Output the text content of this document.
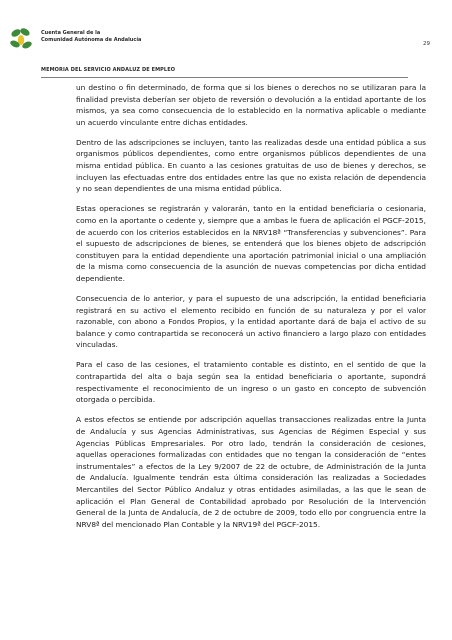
Cuenta General de la
Comunidad Autónoma de Andalucía
29
MEMORIA DEL SERVICIO ANDALUZ DE EMPLEO

un destino o fin determinado, de forma que si los bienes o derechos no se utilizaran para la finalidad prevista deberían ser objeto de reversión o devolución a la entidad aportante de los mismos, ya sea como consecuencia de lo establecido en la normativa aplicable o mediante un acuerdo vinculante entre dichas entidades.

Dentro de las adscripciones se incluyen, tanto las realizadas desde una entidad pública a sus organismos públicos dependientes, como entre organismos públicos dependientes de una misma entidad pública. En cuanto a las cesiones gratuitas de uso de bienes y derechos, se incluyen las efectuadas entre dos entidades entre las que no exista relación de dependencia y no sean dependientes de una misma entidad pública.

Estas operaciones se registrarán y valorarán, tanto en la entidad beneficiaria o cesionaria, como en la aportante o cedente y, siempre que a ambas le fuera de aplicación el PGCF-2015, de acuerdo con los criterios establecidos en la NRV18ª “Transferencias y subvenciones”. Para el supuesto de adscripciones de bienes, se entenderá que los bienes objeto de adscripción constituyen para la entidad dependiente una aportación patrimonial inicial o una ampliación de la misma como consecuencia de la asunción de nuevas competencias por dicha entidad dependiente.

Consecuencia de lo anterior, y para el supuesto de una adscripción, la entidad beneficiaria registrará en su activo el elemento recibido en función de su naturaleza y por el valor razonable, con abono a Fondos Propios, y la entidad aportante dará de baja el activo de su balance y como contrapartida se reconocerá un activo financiero a largo plazo con entidades vinculadas.

Para el caso de las cesiones, el tratamiento contable es distinto, en el sentido de que la contrapartida del alta o baja según sea la entidad beneficiaria o aportante, supondrá respectivamente el reconocimiento de un ingreso o un gasto en concepto de subvención otorgada o percibida.

A estos efectos se entiende por adscripción aquellas transacciones realizadas entre la Junta de Andalucía y sus Agencias Administrativas, sus Agencias de Régimen Especial y sus Agencias Públicas Empresariales. Por otro lado, tendrán la consideración de cesiones, aquellas operaciones formalizadas con entidades que no tengan la consideración de “entes instrumentales” a efectos de la Ley 9/2007 de 22 de octubre, de Administración de la Junta de Andalucía. Igualmente tendrán esta última consideración las realizadas a Sociedades Mercantiles del Sector Público Andaluz y otras entidades asimiladas, a las que le sean de aplicación el Plan General de Contabilidad aprobado por Resolución de la Intervención General de la Junta de Andalucía, de 2 de octubre de 2009, todo ello por congruencia entre la NRV8ª del mencionado Plan Contable y la NRV19ª del PGCF-2015.
